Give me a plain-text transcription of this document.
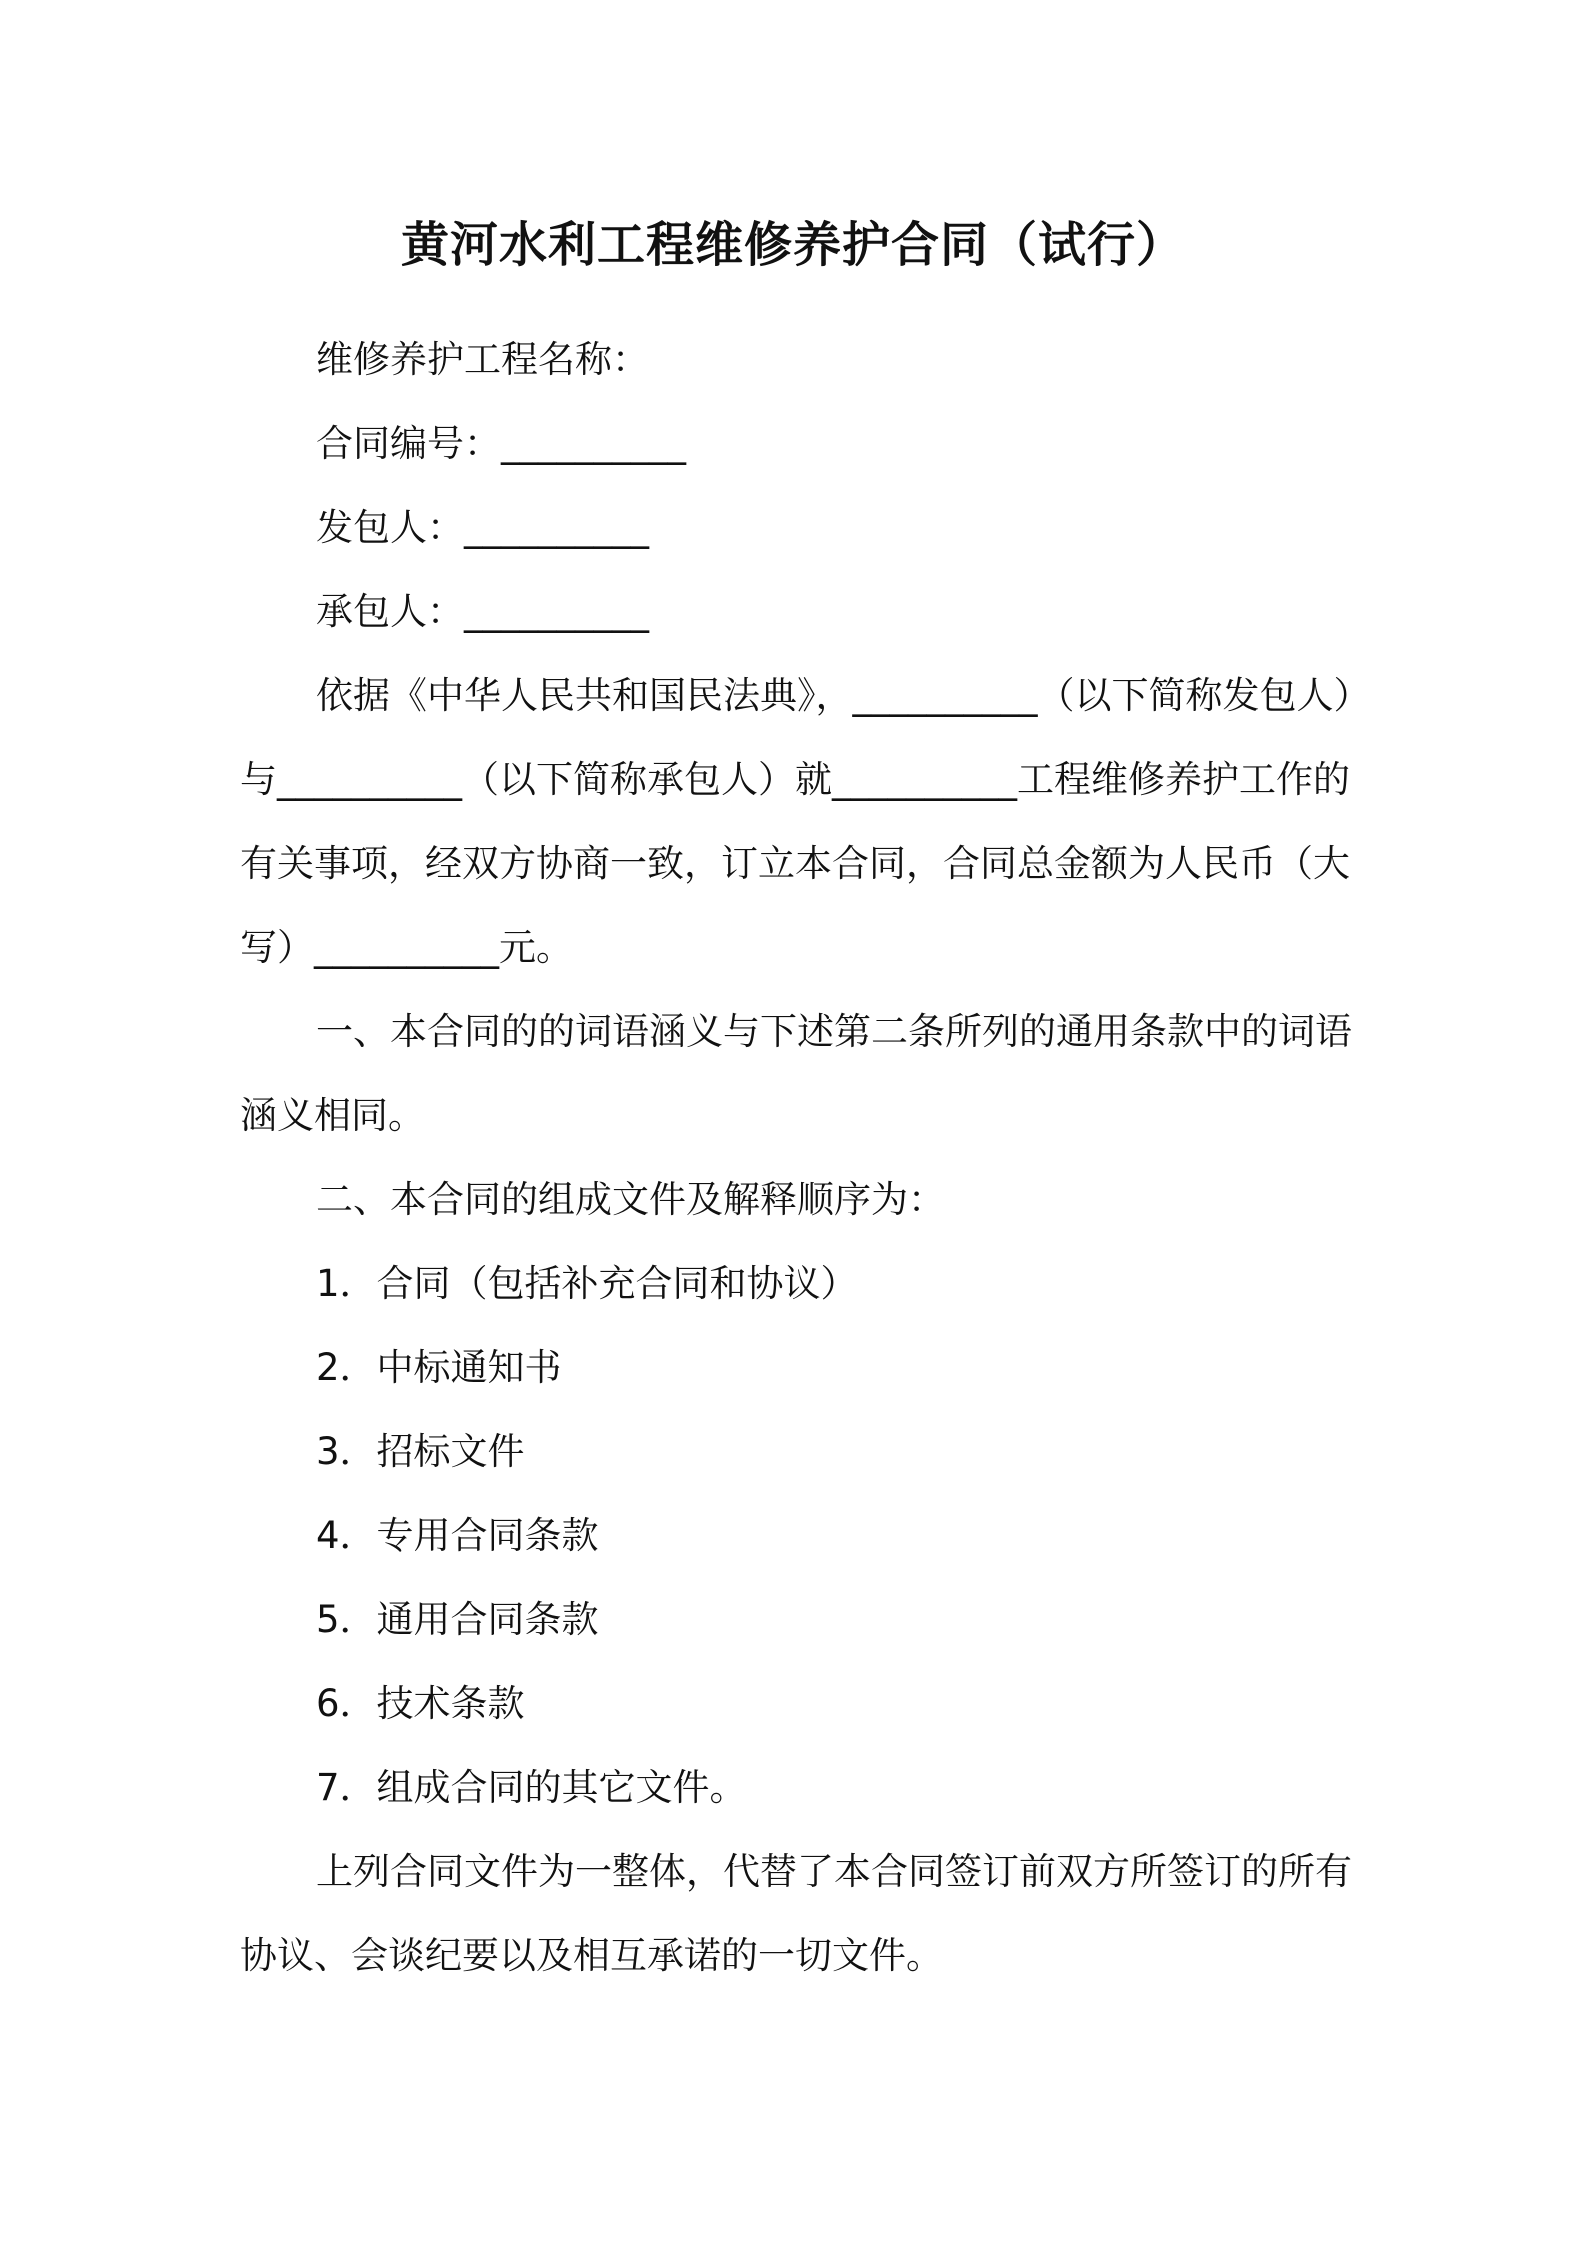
黄河水利工程维修养护合同（试行）
维修养护工程名称：
合同编号：__________
发包人：__________
承包人：__________
依据《中华人民共和国民法典》，__________（以下简称发包人）
与__________（以下简称承包人）就__________工程维修养护工作的
有关事项，经双方协商一致，订立本合同，合同总金额为人民币（大
写）__________元。
一、本合同的的词语涵义与下述第二条所列的通用条款中的词语
涵义相同。
二、本合同的组成文件及解释顺序为：
1．合同（包括补充合同和协议）
2．中标通知书
3．招标文件
4．专用合同条款
5．通用合同条款
6．技术条款
7．组成合同的其它文件。
上列合同文件为一整体，代替了本合同签订前双方所签订的所有
协议、会谈纪要以及相互承诺的一切文件。
